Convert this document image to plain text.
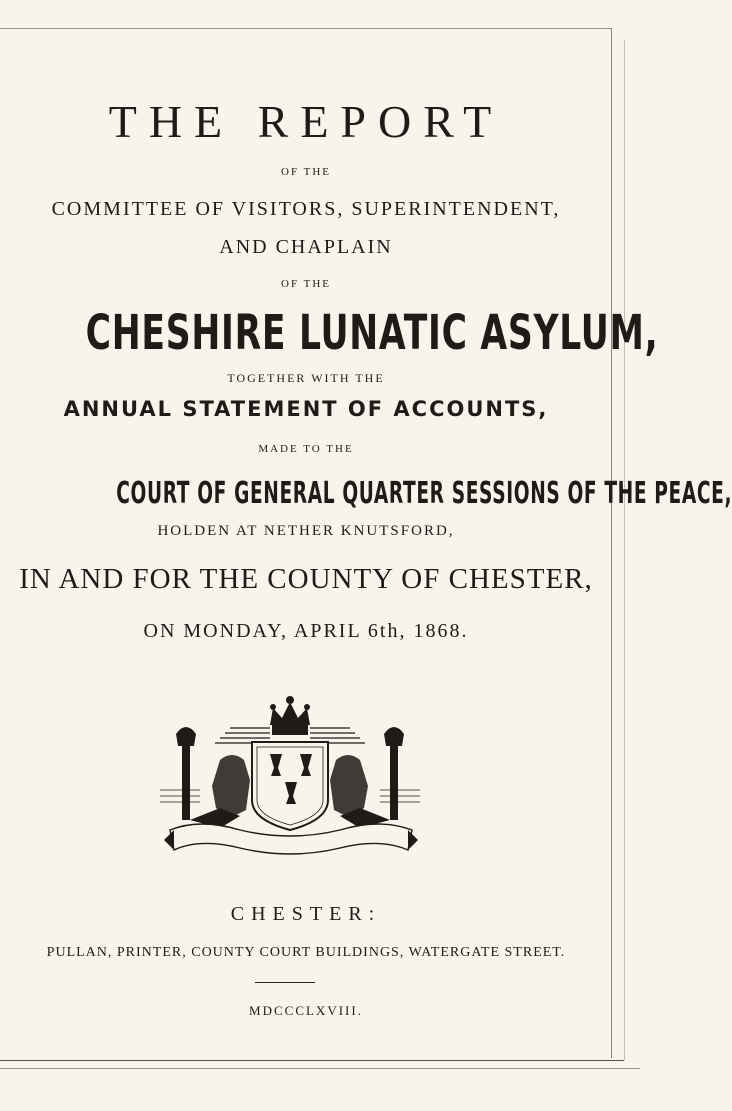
THE REPORT
OF THE
COMMITTEE OF VISITORS, SUPERINTENDENT,
AND CHAPLAIN
OF THE
CHESHIRE LUNATIC ASYLUM,
TOGETHER WITH THE
ANNUAL STATEMENT OF ACCOUNTS,
MADE TO THE
COURT OF GENERAL QUARTER SESSIONS OF THE PEACE,
HOLDEN AT NETHER KNUTSFORD,
IN AND FOR THE COUNTY OF CHESTER,
ON MONDAY, APRIL 6th, 1868.
CHESTER:
PULLAN, PRINTER, COUNTY COURT BUILDINGS, WATERGATE STREET.
MDCCCLXVIII.
